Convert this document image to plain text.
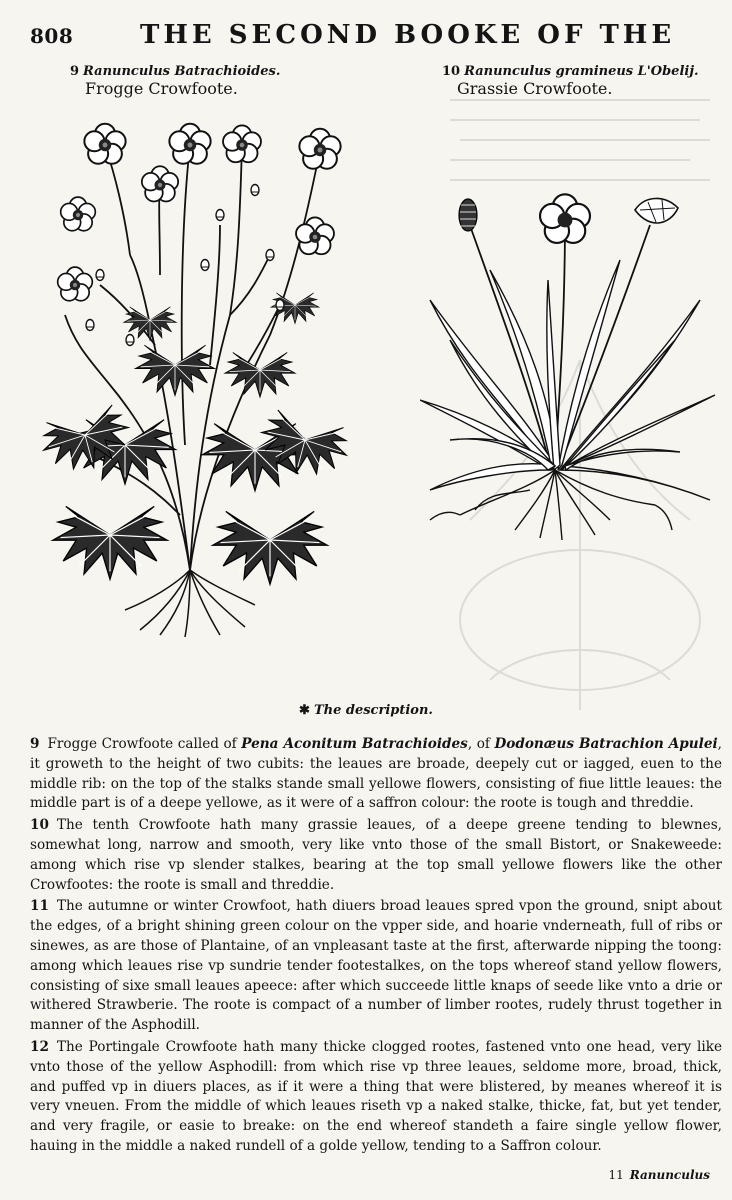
808	THE SECOND BOOKE OF THE
9 Ranunculus Batrachioides.
Frogge Crowfoote.
10 Ranunculus gramineus L'Obelij.
Grassie Crowfoote.
✱ The description.

9 Frogge Crowfoote called of Pena Aconitum Batrachioides, of Dodonæus Batrachion Apulei, it groweth to the height of two cubits: the leaues are broade, deepely cut or iagged, euen to the middle rib: on the top of the stalks stande small yellowe flowers, consisting of fiue little leaues: the middle part is of a deepe yellowe, as it were of a saffron colour: the roote is tough and threddie.

10 The tenth Crowfoote hath many grassie leaues, of a deepe greene tending to blewnes, somewhat long, narrow and smooth, very like vnto those of the small Bistort, or Snakeweede: among which rise vp slender stalkes, bearing at the top small yellowe flowers like the other Crowfootes: the roote is small and threddie.

11 The autumne or winter Crowfoot, hath diuers broad leaues spred vpon the ground, snipt about the edges, of a bright shining green colour on the vpper side, and hoarie vnderneath, full of ribs or sinewes, as are those of Plantaine, of an vnpleasant taste at the first, afterwarde nipping the toong: among which leaues rise vp sundrie tender footestalkes, on the tops whereof stand yellow flowers, consisting of sixe small leaues apeece: after which succeede little knaps of seede like vnto a drie or withered Strawberie. The roote is compact of a number of limber rootes, rudely thrust together in manner of the Asphodill.

12 The Portingale Crowfoote hath many thicke clogged rootes, fastened vnto one head, very like vnto those of the yellow Asphodill: from which rise vp three leaues, seldome more, broad, thick, and puffed vp in diuers places, as if it were a thing that were blistered, by meanes whereof it is very vneuen. From the middle of which leaues riseth vp a naked stalke, thicke, fat, but yet tender, and very fragile, or easie to breake: on the end whereof standeth a faire single yellow flower, hauing in the middle a naked rundell of a golde yellow, tending to a Saffron colour.

11 Ranunculus
